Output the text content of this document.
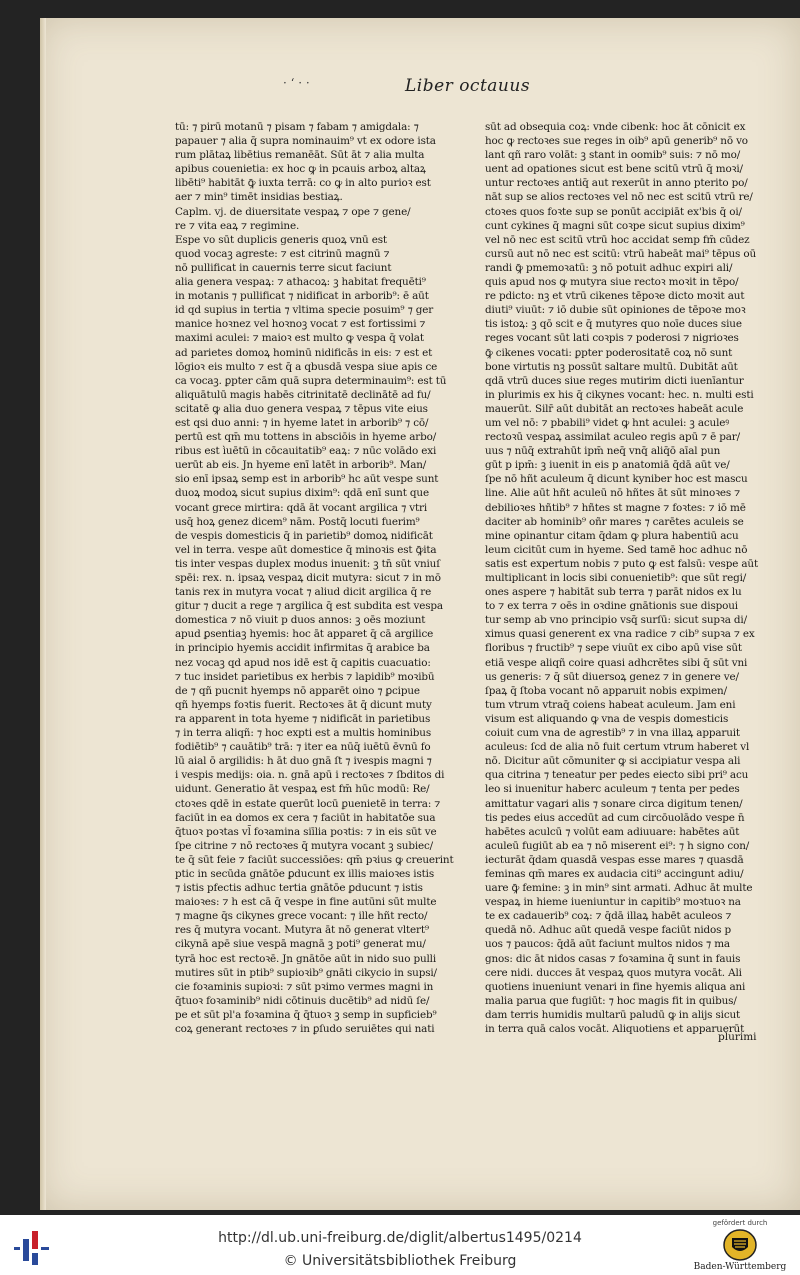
· ‘ · ·	Liber octauus
tū: ⁊ pirū motanū ⁊ pisam ⁊ fabam ⁊ amigdala: ⁊
papauer ⁊ alia q̄ supra nominauim⁹ vt ex odore ista
rum plātaꝝ libētius remanēāt. Sūt āt ⁊ alia multa
apibus couenietia: ex hoc ꝙ in pcauis arboꝝ altaꝝ
libēti⁹ habitāt ꝙ̄ iuxta terrā: co ꝙ in alto purioꝛ est
aer ⁊ min⁹ timēt insidias bestiaꝝ.
Caplm. vj. de diuersitate vespaꝝ ⁊ ope ⁊ gene/
re ⁊ vita eaꝝ ⁊ regimine.
Espe vo sūt duplicis generis quoꝝ vnū est
quod vocaꝫ agreste: ⁊ est citrinū magnū ⁊
nō pullificat in cauernis terre sicut faciunt
alia genera vespaꝝ: ⁊ athacoꝝ: ꝫ habitat frequēti⁹
in motanis ⁊ pullificat ⁊ nidificat in arborib⁹: ē aūt
id qd supius in tertia ⁊ vltima specie posuim⁹ ⁊ ger
manice hoꝛnez vel hoꝛnoꝫ vocat ⁊ est fortissimi ⁊
maximi aculei: ⁊ maioꝛ est multo ꝙ vespa q̄ volat
ad parietes domoꝝ hominū nidificās in eis: ⁊ est et
lōgioꝛ eis multo ⁊ est q̄ a qbusdā vespa siue apis ce
ca vocaꝫ. ꝑpter cām quā supra determinauim⁹: est tū
aliquātulū magis habēs citrinitatē declinātē ad fu/
scitatē ꝙ alia duo genera vespaꝝ ⁊ tēpus vite eius
est qsi duo anni: ⁊ in hyeme latet in arborib⁹ ⁊ cō/
pertū est qm̄ mu tottens in absciōis in hyeme arbo/
ribus est ìuētū in cōcauitatib⁹ eaꝝ: ⁊ nūc volādo exi
uerūt ab eis. Jn hyeme enī latēt in arborib⁹. Man/
sio enī ipsaꝝ semp est in arborib⁹ hc aūt vespe sunt
duoꝝ modoꝝ sicut supius dixim⁹: qdā enī sunt que
vocant grece mirtira: qdā āt vocant argilica ⁊ vtri
usq̄ hoꝝ genez dicem⁹ nām. Postq̄ locuti fuerim⁹
de vespis domesticis q̄ in parietib⁹ domoꝝ nidificāt
vel in terra. vespe aūt domestice q̄ minoꝛis est ꝙ̄ita
tis inter vespas duplex modus inuenit: ꝫ tn̄ sūt vniuſ
spēi: rex. n. ipsaꝝ vespaꝝ dicit mutyra: sicut ⁊ in mō
tanis rex in mutyra vocat ⁊ aliud dicit argilica q̄ re
gitur ⁊ ducit a rege ⁊ argilica q̄ est subdita est vespa
domestica ⁊ nō viuit p duos annos: ꝫ oēs moziunt
apud ꝑsentiaꝫ hyemis: hoc āt apparet q̄ cā argilice
in principio hyemis accidit infirmitas q̄ arabice ba
nez vocaꝫ qd apud nos idē est q̄ capitis cuacuatio:
⁊ tuc insidet parietibus ex herbis ⁊ lapidib⁹ moꝛibū
de ⁊ qñ pucnit hyemps nō apparēt oino ⁊ ꝑcipue
qñ hyemps foꝛtis fuerit. Rectoꝛes āt q̄ dicunt muty
ra apparent in tota hyeme ⁊ nidificāt in parietibus
⁊ in terra aliqñ: ⁊ hoc expti est a multis hominibus
fodiētib⁹ ⁊ cauātib⁹ trā: ⁊ iter ea nūq̄ iuētū ēvnū fo
lū aial ō argilidis: h āt duo gnā ſt ⁊ ivespis magni ⁊
i vespis medijs: oia. n. gnā apū i rectoꝛes ⁊ ſbditos di
uidunt. Generatio āt vespaꝝ est fm̄ hūc modū: Re/
ctoꝛes qdē in estate querūt locū ꝑuenietē in terra: ⁊
faciūt in ea domos ex cera ⁊ faciūt in habitatōe sua
q̄tuoꝛ poꝛtas vl̄ foꝛamina siīlia poꝛtis: ⁊ in eis sūt ve
ſpe citrine ⁊ nō rectoꝛes q̄ mutyra vocant ꝫ subiec/
te q̄ sūt feie ⁊ faciūt successiōes: qm̄ pꝛius ꝙ creuerint
ptic in secūda gnātōe ꝑducunt ex illis maioꝛes istis
⁊ istis pfectis adhuc tertia gnātōe ꝑducunt ⁊ istis
maioꝛes: ⁊ h est cā q̄ vespe in fine autūni sūt multe
⁊ magne q̄s cikynes grece vocant: ⁊ ille hñt recto/
res q̄ mutyra vocant. Mutyra āt nō generat vltert⁹
cikynā apē siue vespā magnā ꝫ poti⁹ generat mu/
tyrā hoc est rectoꝛē. Jn gnātōe aūt in nido suo pulli
mutires sūt in ptib⁹ supioꝛib⁹ gnāti cikycio in supsi/
cie foꝛaminis supioꝛi: ⁊ sūt pꝛimo vermes magni in
q̄tuoꝛ foꝛaminib⁹ nidi cōtinuis ducētib⁹ ad nidū ſe/
pe et sūt pl'a foꝛamina q̄ q̄tuoꝛ ꝫ semp in supficieb⁹
coꝝ generant rectoꝛes ⁊ in ꝑſudo seruiētes qui nati
sūt ad obsequia coꝝ: vnde cibenk: hoc āt cōnicit ex
hoc ꝙ rectoꝛes sue reges in oib⁹ apū generib⁹ nō vo
lant qñ raro volāt: ꝫ stant in oomib⁹ suis: ⁊ nō mo/
uent ad opationes sicut est bene scitū vtrū q̄ moꝛi/
untur rectoꝛes antiq̄ aut rexerūt in anno pterito po/
nāt sup se alios rectoꝛes vel nō nec est scitū vtrū re/
ctoꝛes quos foꝛte sup se ponūt accipiāt ex'bis q̄ oi/
cunt cykines q̄ magni sūt coꝛpe sicut supius dixim⁹
vel nō nec est scitū vtrū hoc accidat semp fm̄ cūdez
cursū aut nō nec est scitū: vtrū habeāt mai⁹ tēpus oū
randi ꝙ̄ pmemoꝛatū: ꝫ nō potuit adhuc expiri ali/
quis apud nos ꝙ mutyra siue rectoꝛ moꝛit in tēpo/
re pdicto: nꝫ et vtrū cikenes tēpoꝛe dicto moꝛit aut
diuti⁹ viuūt: ⁊ iō dubie sūt opiniones de tēpoꝛe moꝛ
tis istoꝝ: ꝫ qō scit e q̄ mutyres quo noīe duces siue
reges vocant sūt lati coꝛpis ⁊ poderosi ⁊ nigrioꝛes
ꝙ̄ cikenes vocati: ꝑpter poderositatē coꝝ nō sunt
bone virtutis nꝫ possūt saltare multū. Dubitāt aūt
qdā vtrū duces siue reges mutirim dicti iuenīantur
in plurimis ex his q̄ cikynes vocant: hec. n. multi esti
mauerūt. Silr̄ aūt dubitāt an rectoꝛes habeāt acule
um vel nō: ⁊ pbabili⁹ videt ꝙ hnt aculei: ꝫ aculeꝰ
rectoꝛū vespaꝝ assimilat aculeo regis apū ⁊ ē par/
uus ⁊ nūq̄ extrahūt ipm̄ neq̄ vnq̄ aliq̄ō aīal pun
gūt p ipm̄: ꝫ iuenit in eis p anatomiā q̄dā aūt ve/
ſpe nō hñt aculeum q̄ dicunt kyniber hoc est mascu
line. Alie aūt hñt aculeū nō hñtes āt sūt minoꝛes ⁊
debilioꝛes hñtib⁹ ⁊ hñtes st magne ⁊ foꝛtes: ⁊ iō mē
daciter ab hominib⁹ oñr mares ⁊ carētes aculeis se
mine opinantur citam q̄dam ꝙ plura habentiū acu
leum cicitūt cum in hyeme. Sed tamē hoc adhuc nō
satis est expertum nobis ⁊ puto ꝙ est falsū: vespe aūt
multiplicant in locis sibi conuenietib⁹: que sūt regi/
ones aspere ⁊ habitāt sub terra ⁊ parāt nidos ex lu
to ⁊ ex terra ⁊ oēs in oꝛdine gnātionis sue dispoui
tur semp ab vno principio vsq̄ surſū: sicut supꝛa di/
ximus quasi generent ex vna radice ⁊ cib⁹ supꝛa ⁊ ex
floribus ⁊ fructib⁹ ⁊ sepe viuūt ex cibo apū vise sūt
etiā vespe aliqñ coire quasi adhcrētes sibi q̄ sūt vni
us generis: ⁊ q̄ sūt diuersoꝝ genez ⁊ in genere ve/
ſpaꝝ q̄ ſtoba vocant nō apparuit nobis expimen/
tum vtrum vtraq̄ coiens habeat aculeum. Jam eni
visum est aliquando ꝙ vna de vespis domesticis
coiuit cum vna de agrestib⁹ ⁊ in vna illaꝝ apparuit
aculeus: ſcd de alia nō fuit certum vtrum haberet vl
nō. Dicitur aūt cōmuniter ꝙ si accipiatur vespa ali
qua citrina ⁊ teneatur per pedes eiecto sibi pri⁹ acu
leo si inuenitur haberc aculeum ⁊ tenta per pedes
amittatur vagari alis ⁊ sonare circa digitum tenen/
tis pedes eius accedūt ad cum circōuolādo vespe n̄
habētes aculcū ⁊ volūt eam adiuuare: habētes aūt
aculeū fugiūt ab ea ⁊ nō miserent ei⁹: ⁊ h signo con/
iecturāt q̄dam quasdā vespas esse mares ⁊ quasdā
feminas qm̄ mares ex audacia citi⁹ accingunt adiu/
uare ꝙ̄ femine: ꝫ in min⁹ sint armati. Adhuc āt multe
vespaꝝ in hieme iueniuntur in capitib⁹ moꝛtuoꝛ na
te ex cadauerib⁹ coꝝ: ⁊ q̄dā illaꝝ habēt aculeos ⁊
quedā nō. Adhuc aūt quedā vespe faciūt nidos p
uos ⁊ paucos: q̄dā aūt faciunt multos nidos ⁊ ma
gnos: dic āt nidos casas ⁊ foꝛamina q̄ sunt in fauis
cere nidi. ducces āt vespaꝝ quos mutyra vocāt. Ali
quotiens inueniunt venari in fine hyemis aliqua ani
malia parua que fugiūt: ⁊ hoc magis fit in quibus/
dam terris humidis multarū paludū ꝙ in alijs sicut
in terra quā calos vocāt. Aliquotiens et apparuerūt
plurimi
http://dl.ub.uni-freiburg.de/diglit/albertus1495/0214
© Universitätsbibliothek Freiburg
gefördert durch
Baden-Württemberg
